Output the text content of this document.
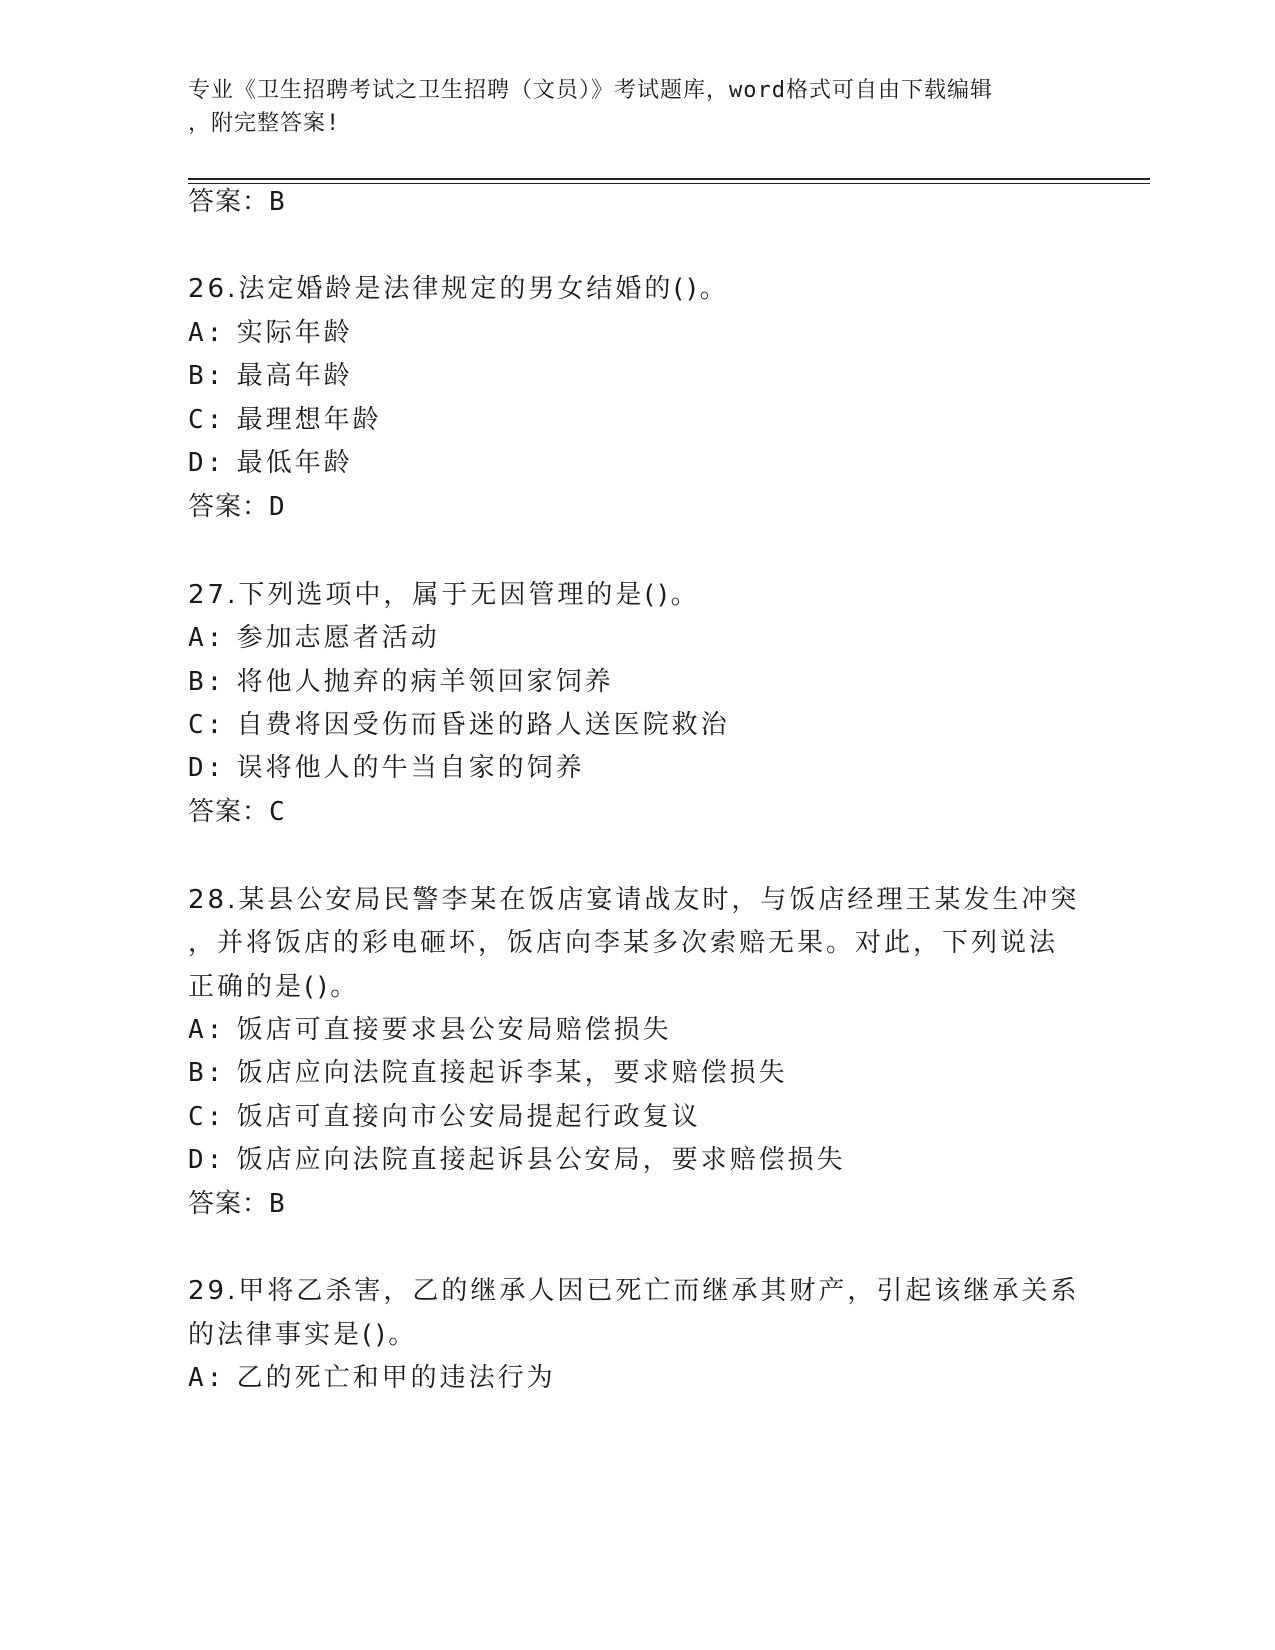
专业《卫生招聘考试之卫生招聘（文员）》考试题库，word格式可自由下载编辑
，附完整答案!
答案：B
26.法定婚龄是法律规定的男女结婚的()。
A: 实际年龄
B: 最高年龄
C: 最理想年龄
D: 最低年龄
答案：D
27.下列选项中，属于无因管理的是()。
A: 参加志愿者活动
B: 将他人抛弃的病羊领回家饲养
C: 自费将因受伤而昏迷的路人送医院救治
D: 误将他人的牛当自家的饲养
答案：C
28.某县公安局民警李某在饭店宴请战友时，与饭店经理王某发生冲突
，并将饭店的彩电砸坏，饭店向李某多次索赔无果。对此，下列说法
正确的是()。
A: 饭店可直接要求县公安局赔偿损失
B: 饭店应向法院直接起诉李某，要求赔偿损失
C: 饭店可直接向市公安局提起行政复议
D: 饭店应向法院直接起诉县公安局，要求赔偿损失
答案：B
29.甲将乙杀害，乙的继承人因已死亡而继承其财产，引起该继承关系
的法律事实是()。
A: 乙的死亡和甲的违法行为
